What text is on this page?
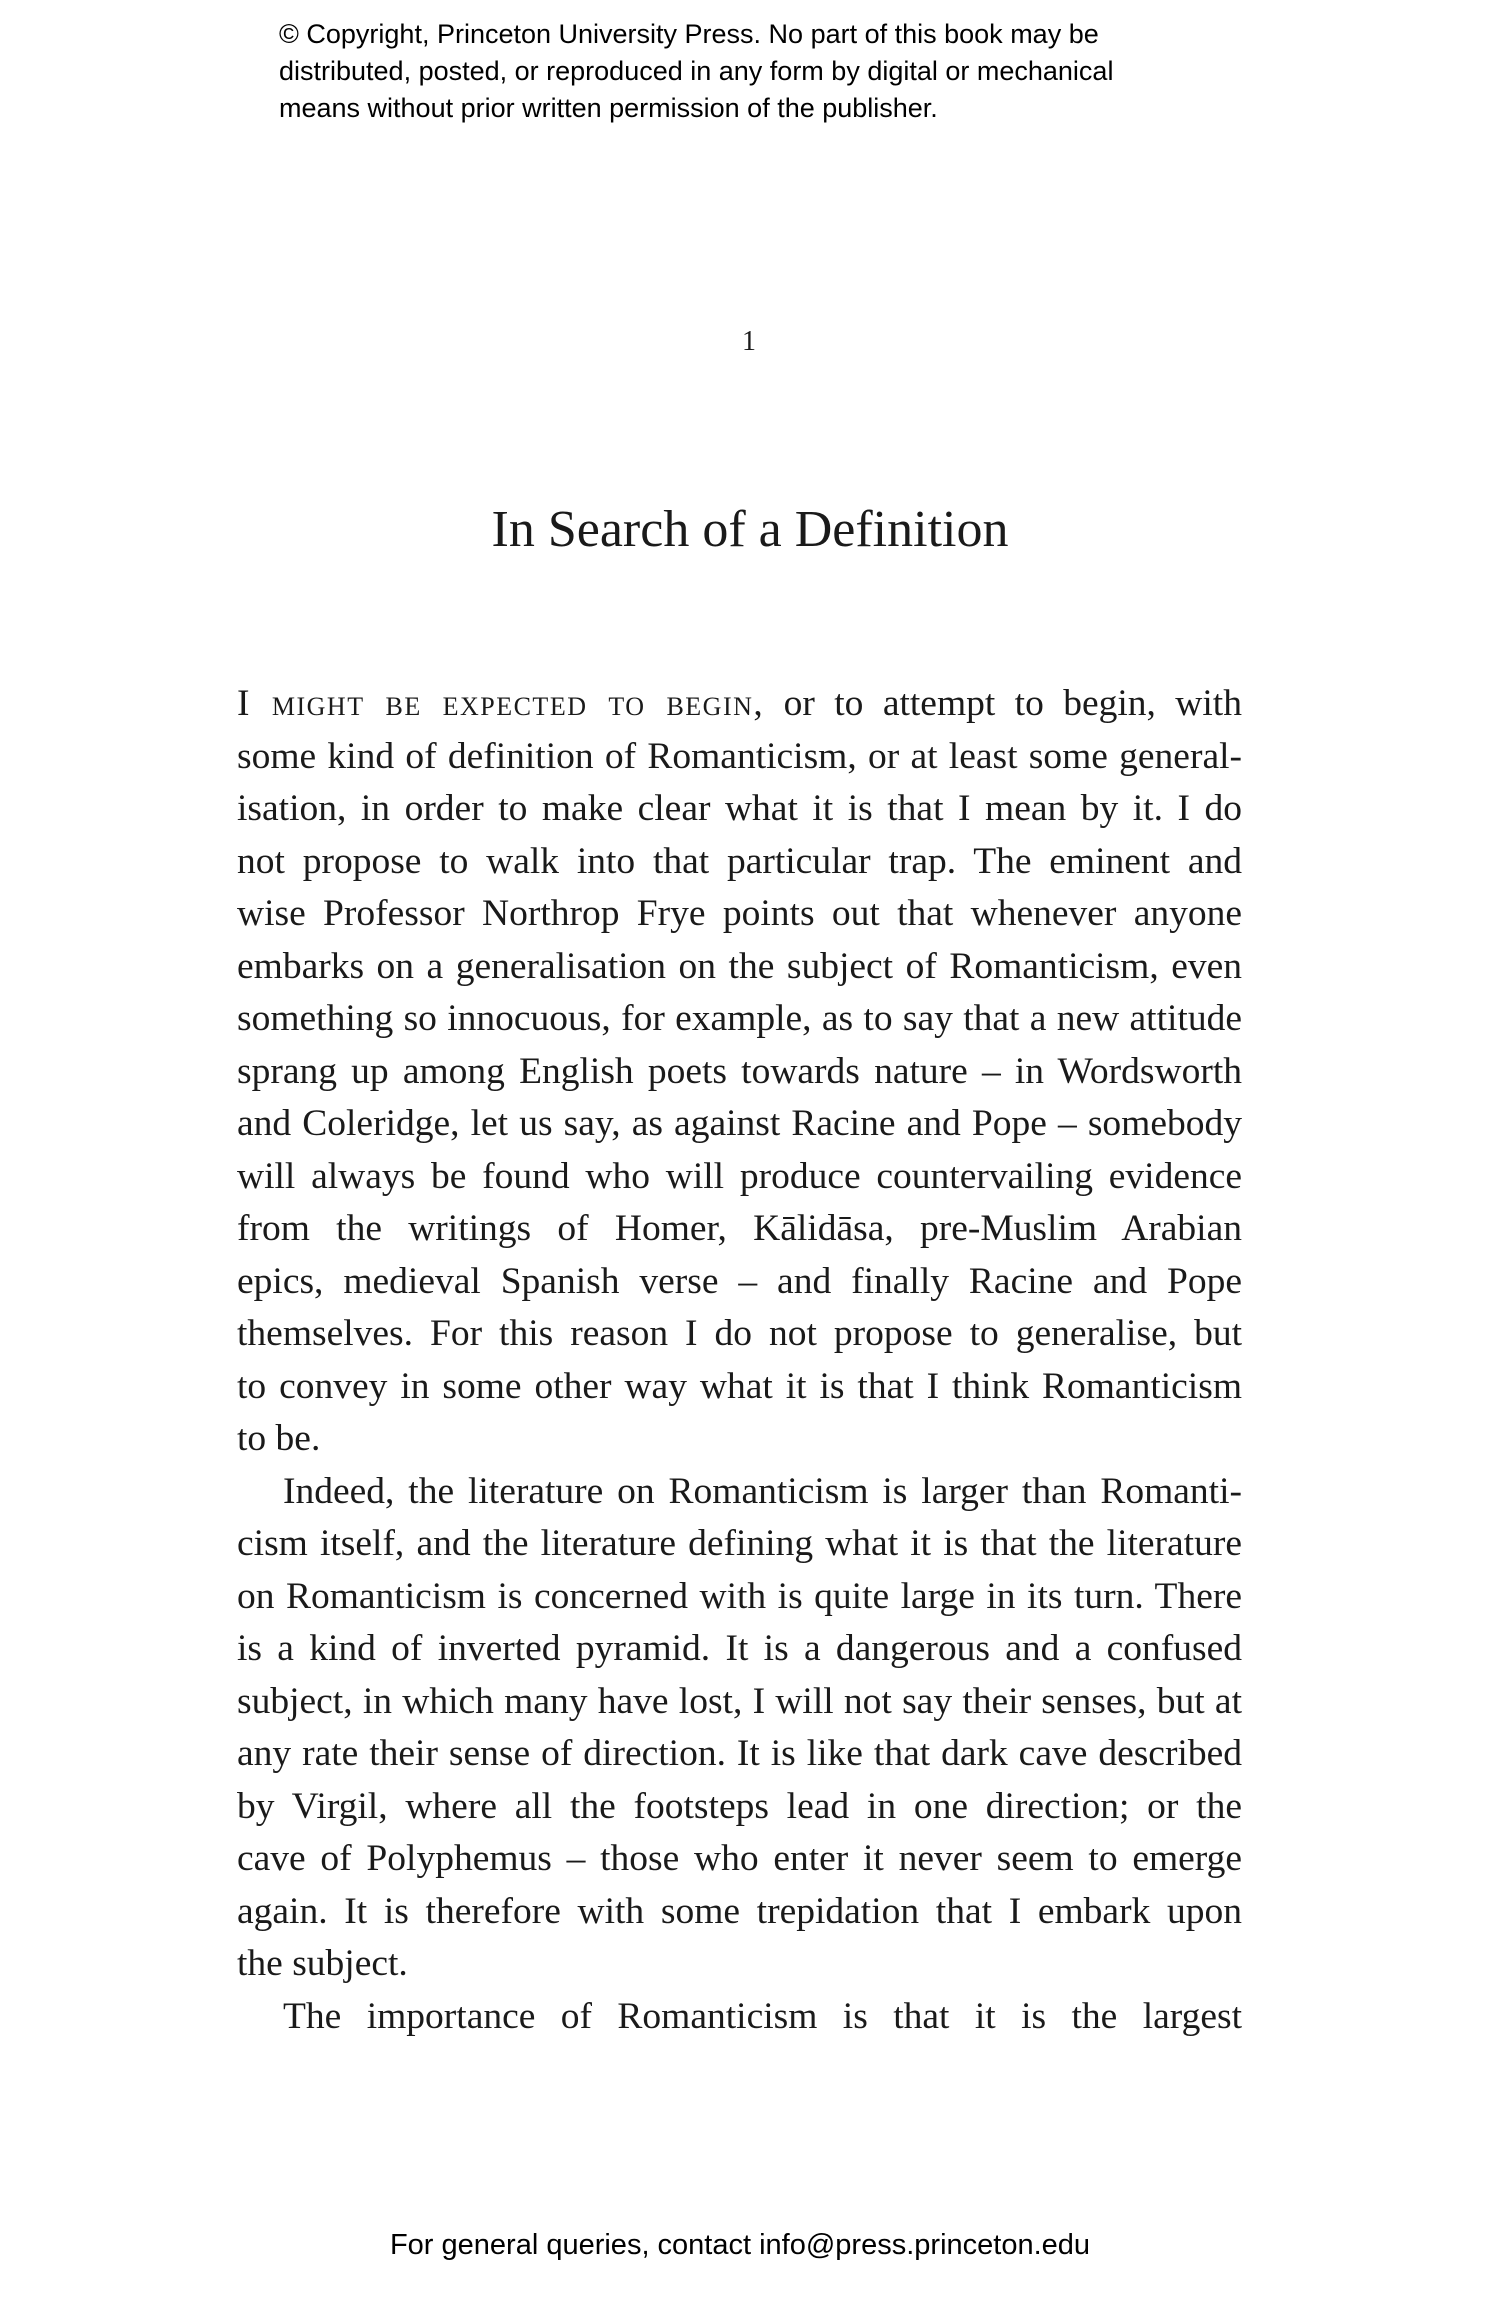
© Copyright, Princeton University Press. No part of this book may be
distributed, posted, or reproduced in any form by digital or mechanical
means without prior written permission of the publisher.
1
In Search of a Definition
I might be expected to begin, or to attempt to begin, with
some kind of definition of Romanticism, or at least some general-
isation, in order to make clear what it is that I mean by it. I do
not propose to walk into that particular trap. The eminent and
wise Professor Northrop Frye points out that whenever anyone
embarks on a generalisation on the subject of Romanticism, even
something so innocuous, for example, as to say that a new attitude
sprang up among English poets towards nature – in Wordsworth
and Coleridge, let us say, as against Racine and Pope – somebody
will always be found who will produce countervailing evidence
from the writings of Homer, Kālidāsa, pre-Muslim Arabian
epics, medieval Spanish verse – and finally Racine and Pope
themselves. For this reason I do not propose to generalise, but
to convey in some other way what it is that I think Romanticism
to be.
Indeed, the literature on Romanticism is larger than Romanti-
cism itself, and the literature defining what it is that the literature
on Romanticism is concerned with is quite large in its turn. There
is a kind of inverted pyramid. It is a dangerous and a confused
subject, in which many have lost, I will not say their senses, but at
any rate their sense of direction. It is like that dark cave described
by Virgil, where all the footsteps lead in one direction; or the
cave of Polyphemus – those who enter it never seem to emerge
again. It is therefore with some trepidation that I embark upon
the subject.
The importance of Romanticism is that it is the largest
For general queries, contact info@press.princeton.edu
